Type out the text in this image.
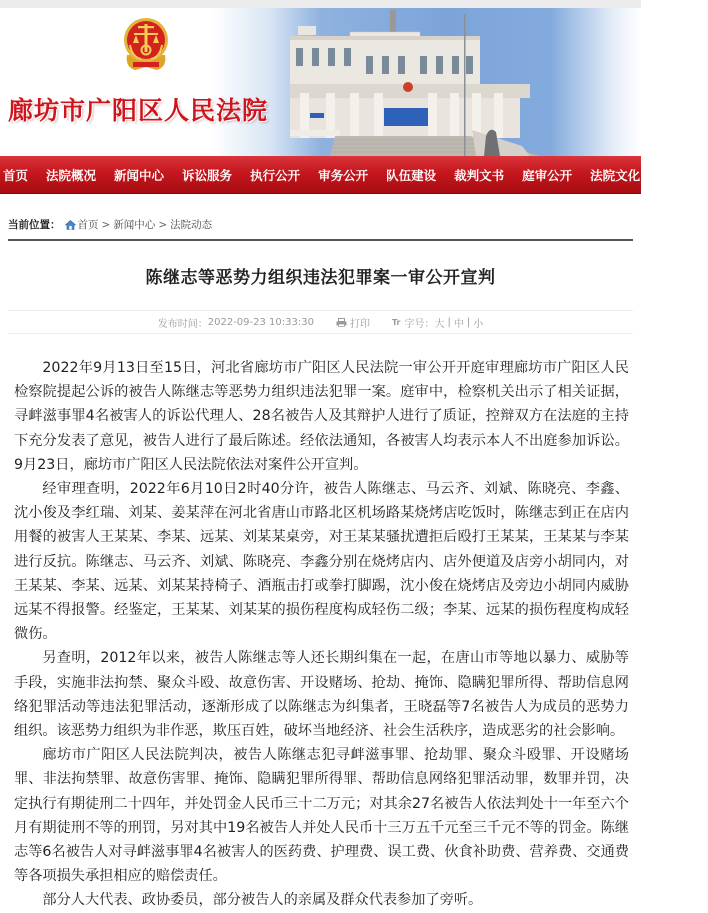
廊坊市广阳区人民法院
首页 法院概况 新闻中心 诉讼服务 执行公开 审务公开 队伍建设 裁判文书 庭审公开 法院文化 专题活动
当前位置： 首页 > 新闻中心 > 法院动态
陈继志等恶势力组织违法犯罪案一审公开宣判
发布时间： 2022-09-23 10:33:30	打印	Tr 字号： 大 | 中 | 小

2022年9月13日至15日，河北省廊坊市广阳区人民法院一审公开开庭审理廊坊市广阳区人民检察院提起公诉的被告人陈继志等恶势力组织违法犯罪一案。庭审中，检察机关出示了相关证据，寻衅滋事罪4名被害人的诉讼代理人、28名被告人及其辩护人进行了质证，控辩双方在法庭的主持下充分发表了意见，被告人进行了最后陈述。经依法通知，各被害人均表示本人不出庭参加诉讼。9月23日，廊坊市广阳区人民法院依法对案件公开宣判。

经审理查明，2022年6月10日2时40分许，被告人陈继志、马云齐、刘斌、陈晓亮、李鑫、沈小俊及李红瑞、刘某、姜某萍在河北省唐山市路北区机场路某烧烤店吃饭时，陈继志到正在店内用餐的被害人王某某、李某、远某、刘某某桌旁，对王某某骚扰遭拒后殴打王某某，王某某与李某进行反抗。陈继志、马云齐、刘斌、陈晓亮、李鑫分别在烧烤店内、店外便道及店旁小胡同内，对王某某、李某、远某、刘某某持椅子、酒瓶击打或拳打脚踢，沈小俊在烧烤店及旁边小胡同内威胁远某不得报警。经鉴定，王某某、刘某某的损伤程度构成轻伤二级；李某、远某的损伤程度构成轻微伤。

另查明，2012年以来，被告人陈继志等人还长期纠集在一起，在唐山市等地以暴力、威胁等手段，实施非法拘禁、聚众斗殴、故意伤害、开设赌场、抢劫、掩饰、隐瞒犯罪所得、帮助信息网络犯罪活动等违法犯罪活动，逐渐形成了以陈继志为纠集者，王晓磊等7名被告人为成员的恶势力组织。该恶势力组织为非作恶，欺压百姓，破坏当地经济、社会生活秩序，造成恶劣的社会影响。

廊坊市广阳区人民法院判决，被告人陈继志犯寻衅滋事罪、抢劫罪、聚众斗殴罪、开设赌场罪、非法拘禁罪、故意伤害罪、掩饰、隐瞒犯罪所得罪、帮助信息网络犯罪活动罪，数罪并罚，决定执行有期徒刑二十四年，并处罚金人民币三十二万元；对其余27名被告人依法判处十一年至六个月有期徒刑不等的刑罚，另对其中19名被告人并处人民币十三万五千元至三千元不等的罚金。陈继志等6名被告人对寻衅滋事罪4名被害人的医药费、护理费、误工费、伙食补助费、营养费、交通费等各项损失承担相应的赔偿责任。

部分人大代表、政协委员，部分被告人的亲属及群众代表参加了旁听。
